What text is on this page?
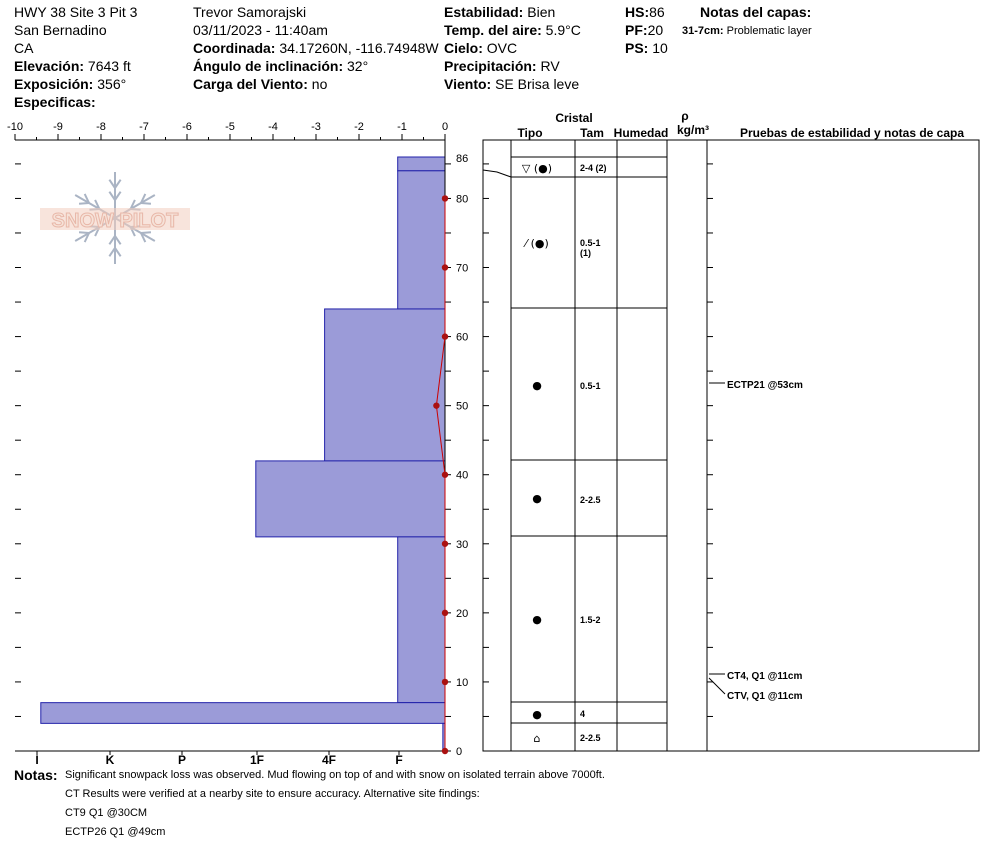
HWY 38 Site 3 Pit 3
San Bernadino
CA
Elevación: 7643 ft
Exposición: 356°
Especificas:
Trevor Samorajski
03/11/2023 - 11:40am
Coordinada: 34.17260N, -116.74948W
Ángulo de inclinación: 32°
Carga del Viento: no
Estabilidad: Bien
Temp. del aire: 5.9°C
Cielo: OVC
Precipitación: RV
Viento: SE Brisa leve
HS:86
PF:20
PS: 10
Notas del capas:
31-7cm: Problematic layer
SNOW PILOT
-10	-9	-8	-7	-6	-5	-4	-3	-2	-1	0
0
10
20
30
40
50
60
70
80
86
I	K	P	1F	4F	F
Cristal
Tipo	Tam Humedad
ρ
kg/m³	Pruebas de estabilidad y notas de capa
▽ (●)	2-4 (2)
⁄ (●)	0.5-1
(1)
●	0.5-1
●	2-2.5
●	1.5-2
●	4
⌂	2-2.5
ECTP21 @53cm
CT4, Q1 @11cm
CTV, Q1 @11cm
Notas: Significant snowpack loss was observed. Mud flowing on top of and with snow on isolated terrain above 7000ft.
CT Results were verified at a nearby site to ensure accuracy. Alternative site findings:
CT9 Q1 @30CM
ECTP26 Q1 @49cm
